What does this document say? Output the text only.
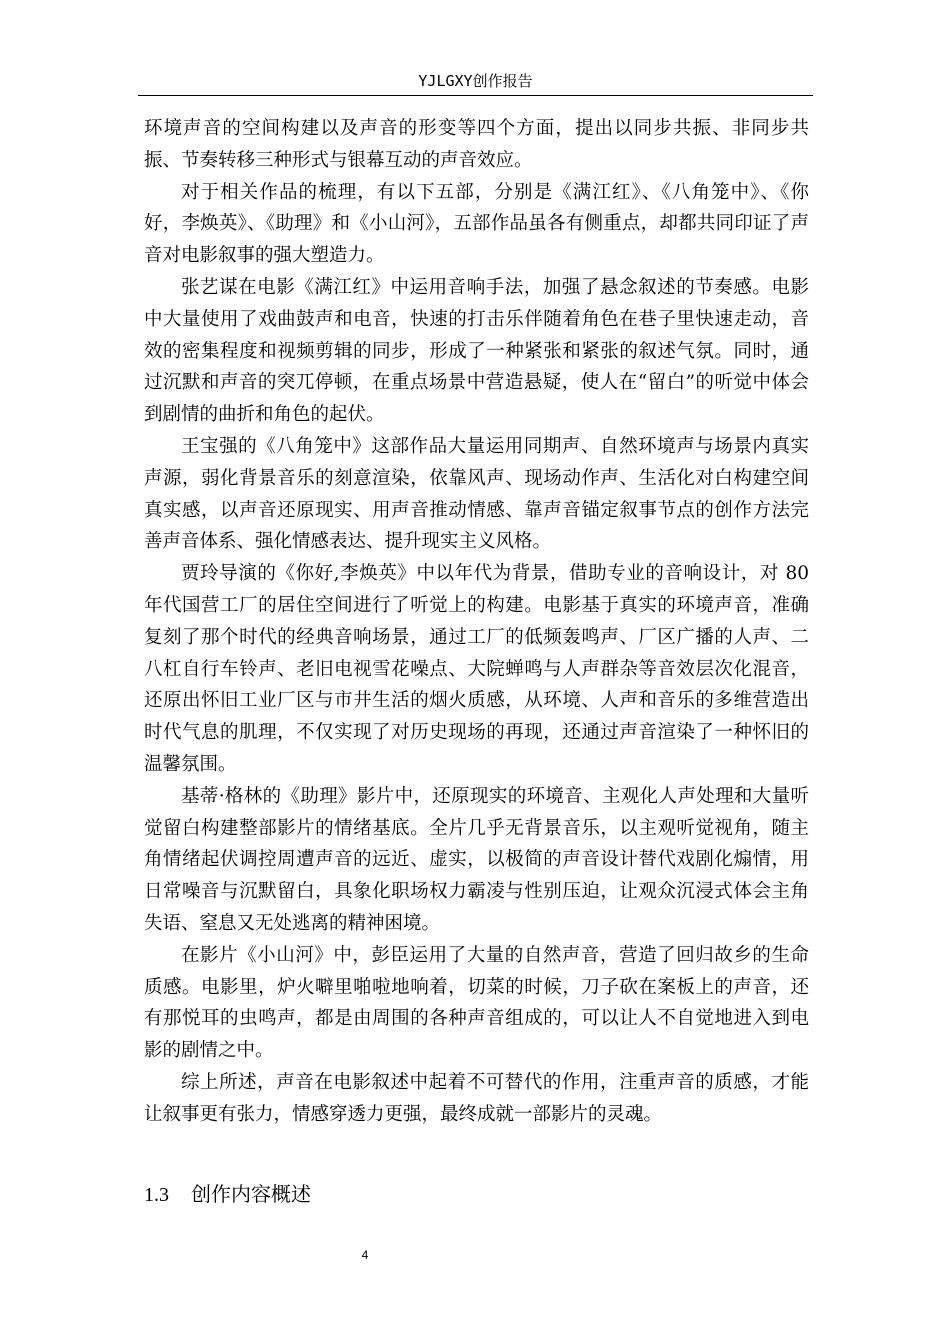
YJLGXY创作报告

环境声音的空间构建以及声音的形变等四个方面，提出以同步共振、非同步共振、节奏转移三种形式与银幕互动的声音效应。

对于相关作品的梳理，有以下五部，分别是《满江红》、《八角笼中》、《你好，李焕英》、《助理》和《小山河》，五部作品虽各有侧重点，却都共同印证了声音对电影叙事的强大塑造力。

张艺谋在电影《满江红》中运用音响手法，加强了悬念叙述的节奏感。电影中大量使用了戏曲鼓声和电音，快速的打击乐伴随着角色在巷子里快速走动，音效的密集程度和视频剪辑的同步，形成了一种紧张和紧张的叙述气氛。同时，通过沉默和声音的突兀停顿，在重点场景中营造悬疑，使人在“留白”的听觉中体会到剧情的曲折和角色的起伏。

王宝强的《八角笼中》这部作品大量运用同期声、自然环境声与场景内真实声源，弱化背景音乐的刻意渲染，依靠风声、现场动作声、生活化对白构建空间真实感，以声音还原现实、用声音推动情感、靠声音锚定叙事节点的创作方法完善声音体系、强化情感表达、提升现实主义风格。

贾玲导演的《你好,李焕英》中以年代为背景，借助专业的音响设计，对 80 年代国营工厂的居住空间进行了听觉上的构建。电影基于真实的环境声音，准确复刻了那个时代的经典音响场景，通过工厂的低频轰鸣声、厂区广播的人声、二八杠自行车铃声、老旧电视雪花噪点、大院蝉鸣与人声群杂等音效层次化混音，还原出怀旧工业厂区与市井生活的烟火质感，从环境、人声和音乐的多维营造出时代气息的肌理，不仅实现了对历史现场的再现，还通过声音渲染了一种怀旧的温馨氛围。

基蒂·格林的《助理》影片中，还原现实的环境音、主观化人声处理和大量听觉留白构建整部影片的情绪基底。全片几乎无背景音乐，以主观听觉视角，随主角情绪起伏调控周遭声音的远近、虚实，以极简的声音设计替代戏剧化煽情，用日常噪音与沉默留白，具象化职场权力霸凌与性别压迫，让观众沉浸式体会主角失语、窒息又无处逃离的精神困境。

在影片《小山河》中，彭臣运用了大量的自然声音，营造了回归故乡的生命质感。电影里，炉火噼里啪啦地响着，切菜的时候，刀子砍在案板上的声音，还有那悦耳的虫鸣声，都是由周围的各种声音组成的，可以让人不自觉地进入到电影的剧情之中。

综上所述，声音在电影叙述中起着不可替代的作用，注重声音的质感，才能让叙事更有张力，情感穿透力更强，最终成就一部影片的灵魂。

1.3 创作内容概述
4
